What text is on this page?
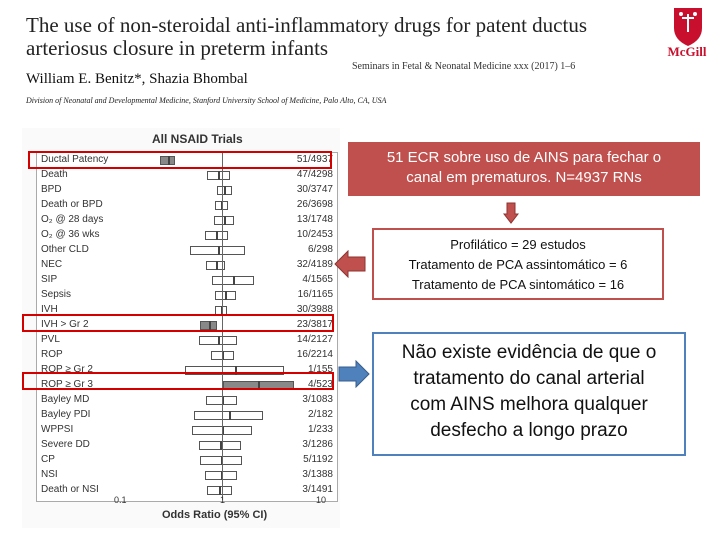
The use of non-steroidal anti-inflammatory drugs for patent ductus
arteriosus closure in preterm infants
William E. Benitz*, Shazia Bhombal
Division of Neonatal and Developmental Medicine, Stanford University School of Medicine, Palo Alto, CA, USA
Seminars in Fetal & Neonatal Medicine xxx (2017) 1–6
McGill
All NSAID Trials
Ductal Patency	51/4937
Death	47/4298
BPD	30/3747
Death or BPD	26/3698
O₂ @ 28 days	13/1748
O₂ @ 36 wks	10/2453
Other CLD	6/298
NEC	32/4189
SIP	4/1565
Sepsis	16/1165
IVH	30/3988
IVH > Gr 2	23/3817
PVL	14/2127
ROP	16/2214
ROP ≥ Gr 2	1/155
ROP ≥ Gr 3	4/523
Bayley MD	3/1083
Bayley PDI	2/182
WPPSI	1/233
Severe DD	3/1286
CP	5/1192
NSI	3/1388
Death or NSI	3/1491
0.1	1	10
Odds Ratio (95% CI)
51 ECR sobre uso de AINS para fechar o
canal em prematuros. N=4937 RNs
Profilático = 29 estudos
Tratamento de PCA assintomático = 6
Tratamento de PCA sintomático = 16
Não existe evidência de que o
tratamento do canal arterial
com AINS melhora qualquer
desfecho a longo prazo
